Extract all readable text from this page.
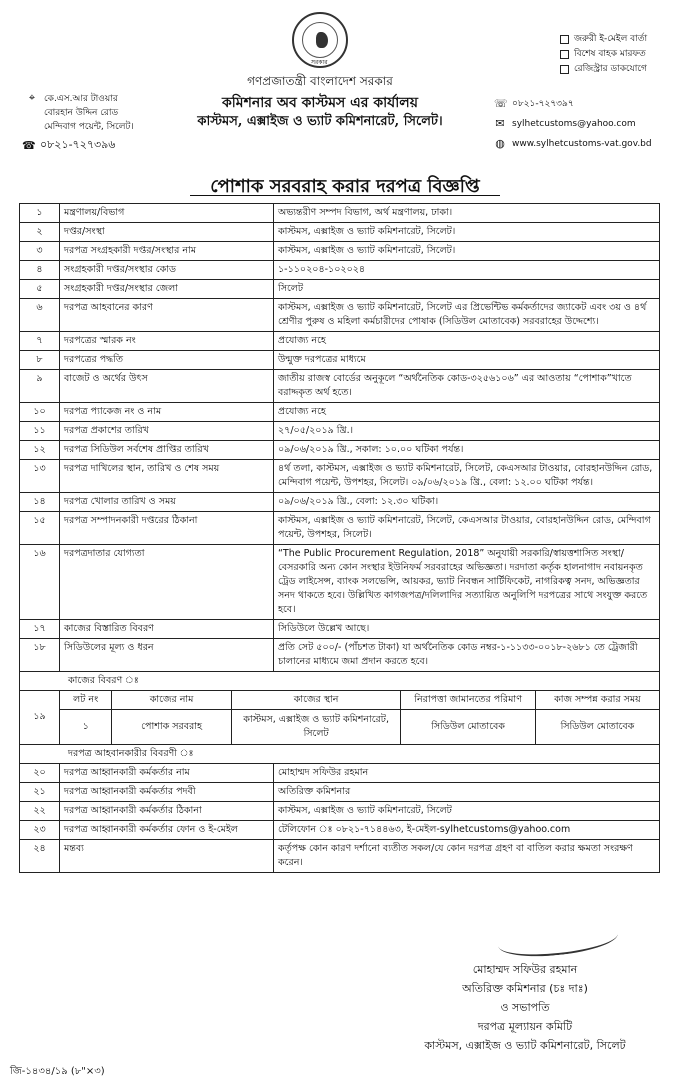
সরকার
গণপ্রজাতন্ত্রী বাংলাদেশ সরকার
কমিশনার অব কাস্টমস এর কার্যালয়
কাস্টমস, এক্সাইজ ও ভ্যাট কমিশনারেট, সিলেট।
⌖ কে.এস.আর টাওয়ার
বোরহান উদ্দিন রোড
মেন্দিবাগ পয়েন্ট, সিলেট।
☎ ০৮২১-৭২৭৩৯৬
☏ ০৮২১-৭২৭৩৯৭
✉ sylhetcustoms@yahoo.com
◍ www.sylhetcustoms-vat.gov.bd
জরুরী ই-মেইল বার্তা
বিশেষ বাহক মারফত
রেজিস্ট্রার ডাকযোগে
পোশাক সরবরাহ করার দরপত্র বিজ্ঞপ্তি
১	মন্ত্রণালয়/বিভাগ	অভ্যন্তরীণ সম্পদ বিভাগ, অর্থ মন্ত্রণালয়, ঢাকা।
২	দপ্তর/সংস্থা	কাস্টমস, এক্সাইজ ও ভ্যাট কমিশনারেট, সিলেট।
৩	দরপত্র সংগ্রহকারী দপ্তর/সংস্থার নাম	কাস্টমস, এক্সাইজ ও ভ্যাট কমিশনারেট, সিলেট।
৪	সংগ্রহকারী দপ্তর/সংস্থার কোড	১-১১০২০৪-১০২০২৪
৫	সংগ্রহকারী দপ্তর/সংস্থার জেলা	সিলেট
৬	দরপত্র আহবানের কারণ	কাস্টমস, এক্সাইজ ও ভ্যাট কমিশনারেট, সিলেট এর প্রিভেন্টিভ কর্মকর্তাদের জ্যাকেট এবং ৩য় ও ৪র্থ শ্রেণীর পুরুষ ও মহিলা কর্মচারীদের পোষাক (সিডিউল মোতাবেক) সরবরাহের উদ্দেশ্যে।
৭	দরপত্রের স্মারক নং	প্রযোজ্য নহে
৮	দরপত্রের পদ্ধতি	উন্মুক্ত দরপত্রের মাধ্যমে
৯	বাজেট ও অর্থের উৎস	জাতীয় রাজস্ব বোর্ডের অনুকূলে “অর্থনৈতিক কোড-৩২৫৬১০৬” এর আওতায় “পোশাক”খাতে বরাদ্দকৃত অর্থ হতে।
১০	দরপত্র প্যাকেজ নং ও নাম	প্রযোজ্য নহে
১১	দরপত্র প্রকাশের তারিখ	২৭/০৫/২০১৯ খ্রি.।
১২	দরপত্র সিডিউল সর্বশেষ প্রাপ্তির তারিখ	০৯/০৬/২০১৯ খ্রি., সকাল: ১০.০০ ঘটিকা পর্যন্ত।
১৩	দরপত্র দাখিলের স্থান, তারিখ ও শেষ সময়	৪র্থ তলা, কাস্টমস, এক্সাইজ ও ভ্যাট কমিশনারেট, সিলেট, কেএসআর টাওয়ার, বোরহানউদ্দিন রোড, মেন্দিবাগ পয়েন্ট, উপশহর, সিলেট। ০৯/০৬/২০১৯ খ্রি., বেলা: ১২.০০ ঘটিকা পর্যন্ত।
১৪	দরপত্র খোলার তারিখ ও সময়	০৯/০৬/২০১৯ খ্রি., বেলা: ১২.৩০ ঘটিকা।
১৫	দরপত্র সম্পাদনকারী দপ্তরের ঠিকানা	কাস্টমস, এক্সাইজ ও ভ্যাট কমিশনারেট, সিলেট, কেএসআর টাওয়ার, বোরহানউদ্দিন রোড, মেন্দিবাগ পয়েন্ট, উপশহর, সিলেট।
১৬	দরপত্রদাতার যোগ্যতা	“The Public Procurement Regulation, 2018” অনুযায়ী সরকারি/স্বায়ত্তশাসিত সংস্থা/বেসরকারি অন্য কোন সংস্থার ইউনিফর্ম সরবরাহের অভিজ্ঞতা। দরদাতা কর্তৃক হালনাগাদ নবায়নকৃত ট্রেড লাইসেন্স, ব্যাংক সলভেন্সি, আয়কর, ভ্যাট নিবন্ধন সার্টিফিকেট, নাগরিকত্ব সনদ, অভিজ্ঞতার সনদ থাকতে হবে। উল্লিখিত কাগজপত্র/দলিলাদির সত্যায়িত অনুলিপি দরপত্রের সাথে সংযুক্ত করতে হবে।
১৭	কাজের বিস্তারিত বিবরণ	সিডিউলে উল্লেখ আছে।
১৮	সিডিউলের মূল্য ও ধরন	প্রতি সেট ৫০০/- (পাঁচশত টাকা) যা অর্থনৈতিক কোড নম্বর-১-১১৩৩-০০১৮-২৬৮১ তে ট্রেজারী চালানের মাধ্যমে জমা প্রদান করতে হবে।
কাজের বিবরণ ঃ
১৯	
লট নং	কাজের নাম	কাজের স্থান	নিরাপত্তা জামানতের পরিমাণ	কাজ সম্পন্ন করার সময়
১	পোশাক সরবরাহ	কাস্টমস, এক্সাইজ ও ভ্যাট কমিশনারেট, সিলেট	সিডিউল মোতাবেক	সিডিউল মোতাবেক

দরপত্র আহবানকারীর বিবরণী ঃ
২০	দরপত্র আহ্বানকারী কর্মকর্তার নাম	মোহাম্মদ সফিউর রহমান
২১	দরপত্র আহ্বানকারী কর্মকর্তার পদবী	অতিরিক্ত কমিশনার
২২	দরপত্র আহ্বানকারী কর্মকর্তার ঠিকানা	কাস্টমস, এক্সাইজ ও ভ্যাট কমিশনারেট, সিলেট
২৩	দরপত্র আহ্বানকারী কর্মকর্তার ফোন ও ই-মেইল	টেলিফোন ঃ ০৮২১-৭১৪৪৬৩, ই-মেইল-sylhetcustoms@yahoo.com
২৪	মন্তব্য	কর্তৃপক্ষ কোন কারণ দর্শানো ব্যতীত সকল/যে কোন দরপত্র গ্রহণ বা বাতিল করার ক্ষমতা সংরক্ষণ করেন।
মোহাম্মদ সফিউর রহমান
অতিরিক্ত কমিশনার (চঃ দাঃ)
ও সভাপতি
দরপত্র মূল্যায়ন কমিটি
কাস্টমস, এক্সাইজ ও ভ্যাট কমিশনারেট, সিলেট
জি-১৪৩৪/১৯ (৮"×৩)
